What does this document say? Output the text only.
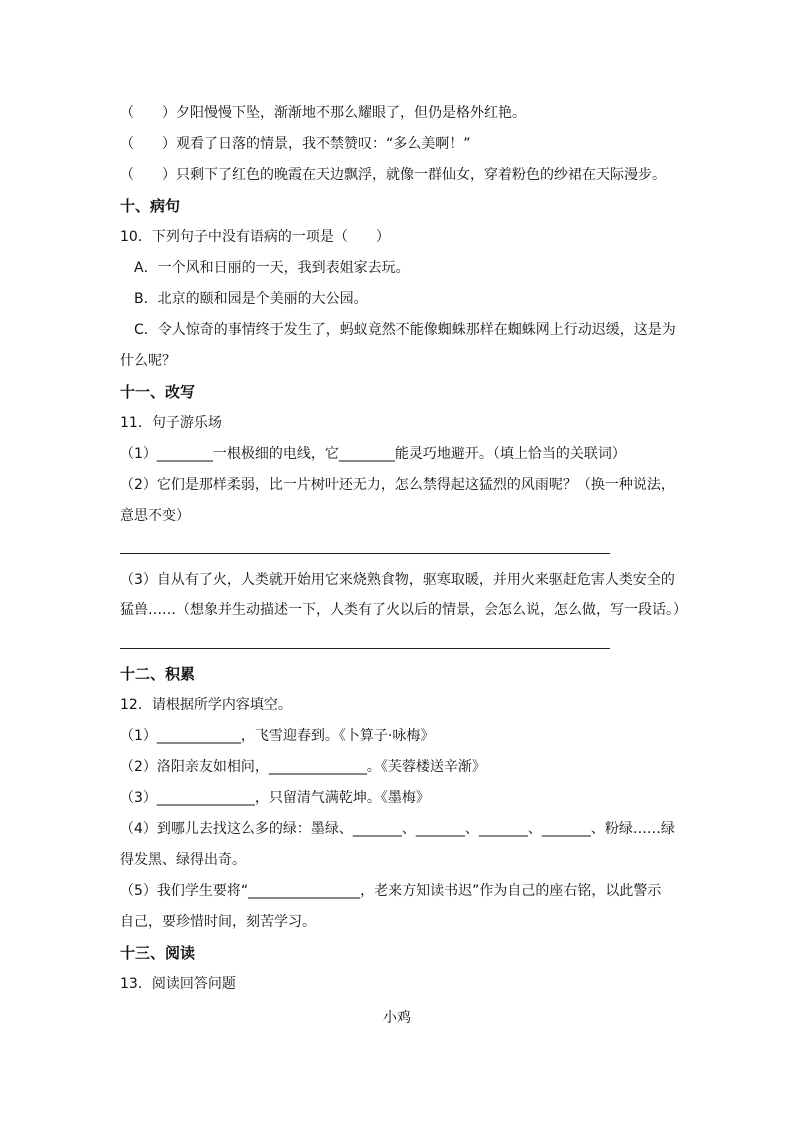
（　　）夕阳慢慢下坠，渐渐地不那么耀眼了，但仍是格外红艳。
（　　）观看了日落的情景，我不禁赞叹：“多么美啊！”
（　　）只剩下了红色的晚霞在天边飘浮，就像一群仙女，穿着粉色的纱裙在天际漫步。
十、病句
10．下列句子中没有语病的一项是（　　）
A．一个风和日丽的一天，我到表姐家去玩。
B．北京的颐和园是个美丽的大公园。
C．令人惊奇的事情终于发生了，蚂蚁竟然不能像蜘蛛那样在蜘蛛网上行动迟缓，这是为
什么呢？
十一、改写
11．句子游乐场
（1）________一根极细的电线，它________能灵巧地避开。（填上恰当的关联词）
（2）它们是那样柔弱，比一片树叶还无力，怎么禁得起这猛烈的风雨呢？（换一种说法，
意思不变）
（3）自从有了火，人类就开始用它来烧熟食物，驱寒取暖，并用火来驱赶危害人类安全的
猛兽……（想象并生动描述一下，人类有了火以后的情景，会怎么说，怎么做，写一段话。）
十二、积累
12．请根据所学内容填空。
（1）____________，飞雪迎春到。《卜算子·咏梅》
（2）洛阳亲友如相问，______________。《芙蓉楼送辛渐》
（3）______________，只留清气满乾坤。《墨梅》
（4）到哪儿去找这么多的绿：墨绿、_______、_______、_______、_______、粉绿……绿
得发黑、绿得出奇。
（5）我们学生要将“________________，老来方知读书迟”作为自己的座右铭，以此警示
自己，要珍惜时间，刻苦学习。
十三、阅读
13．阅读回答问题
小鸡
